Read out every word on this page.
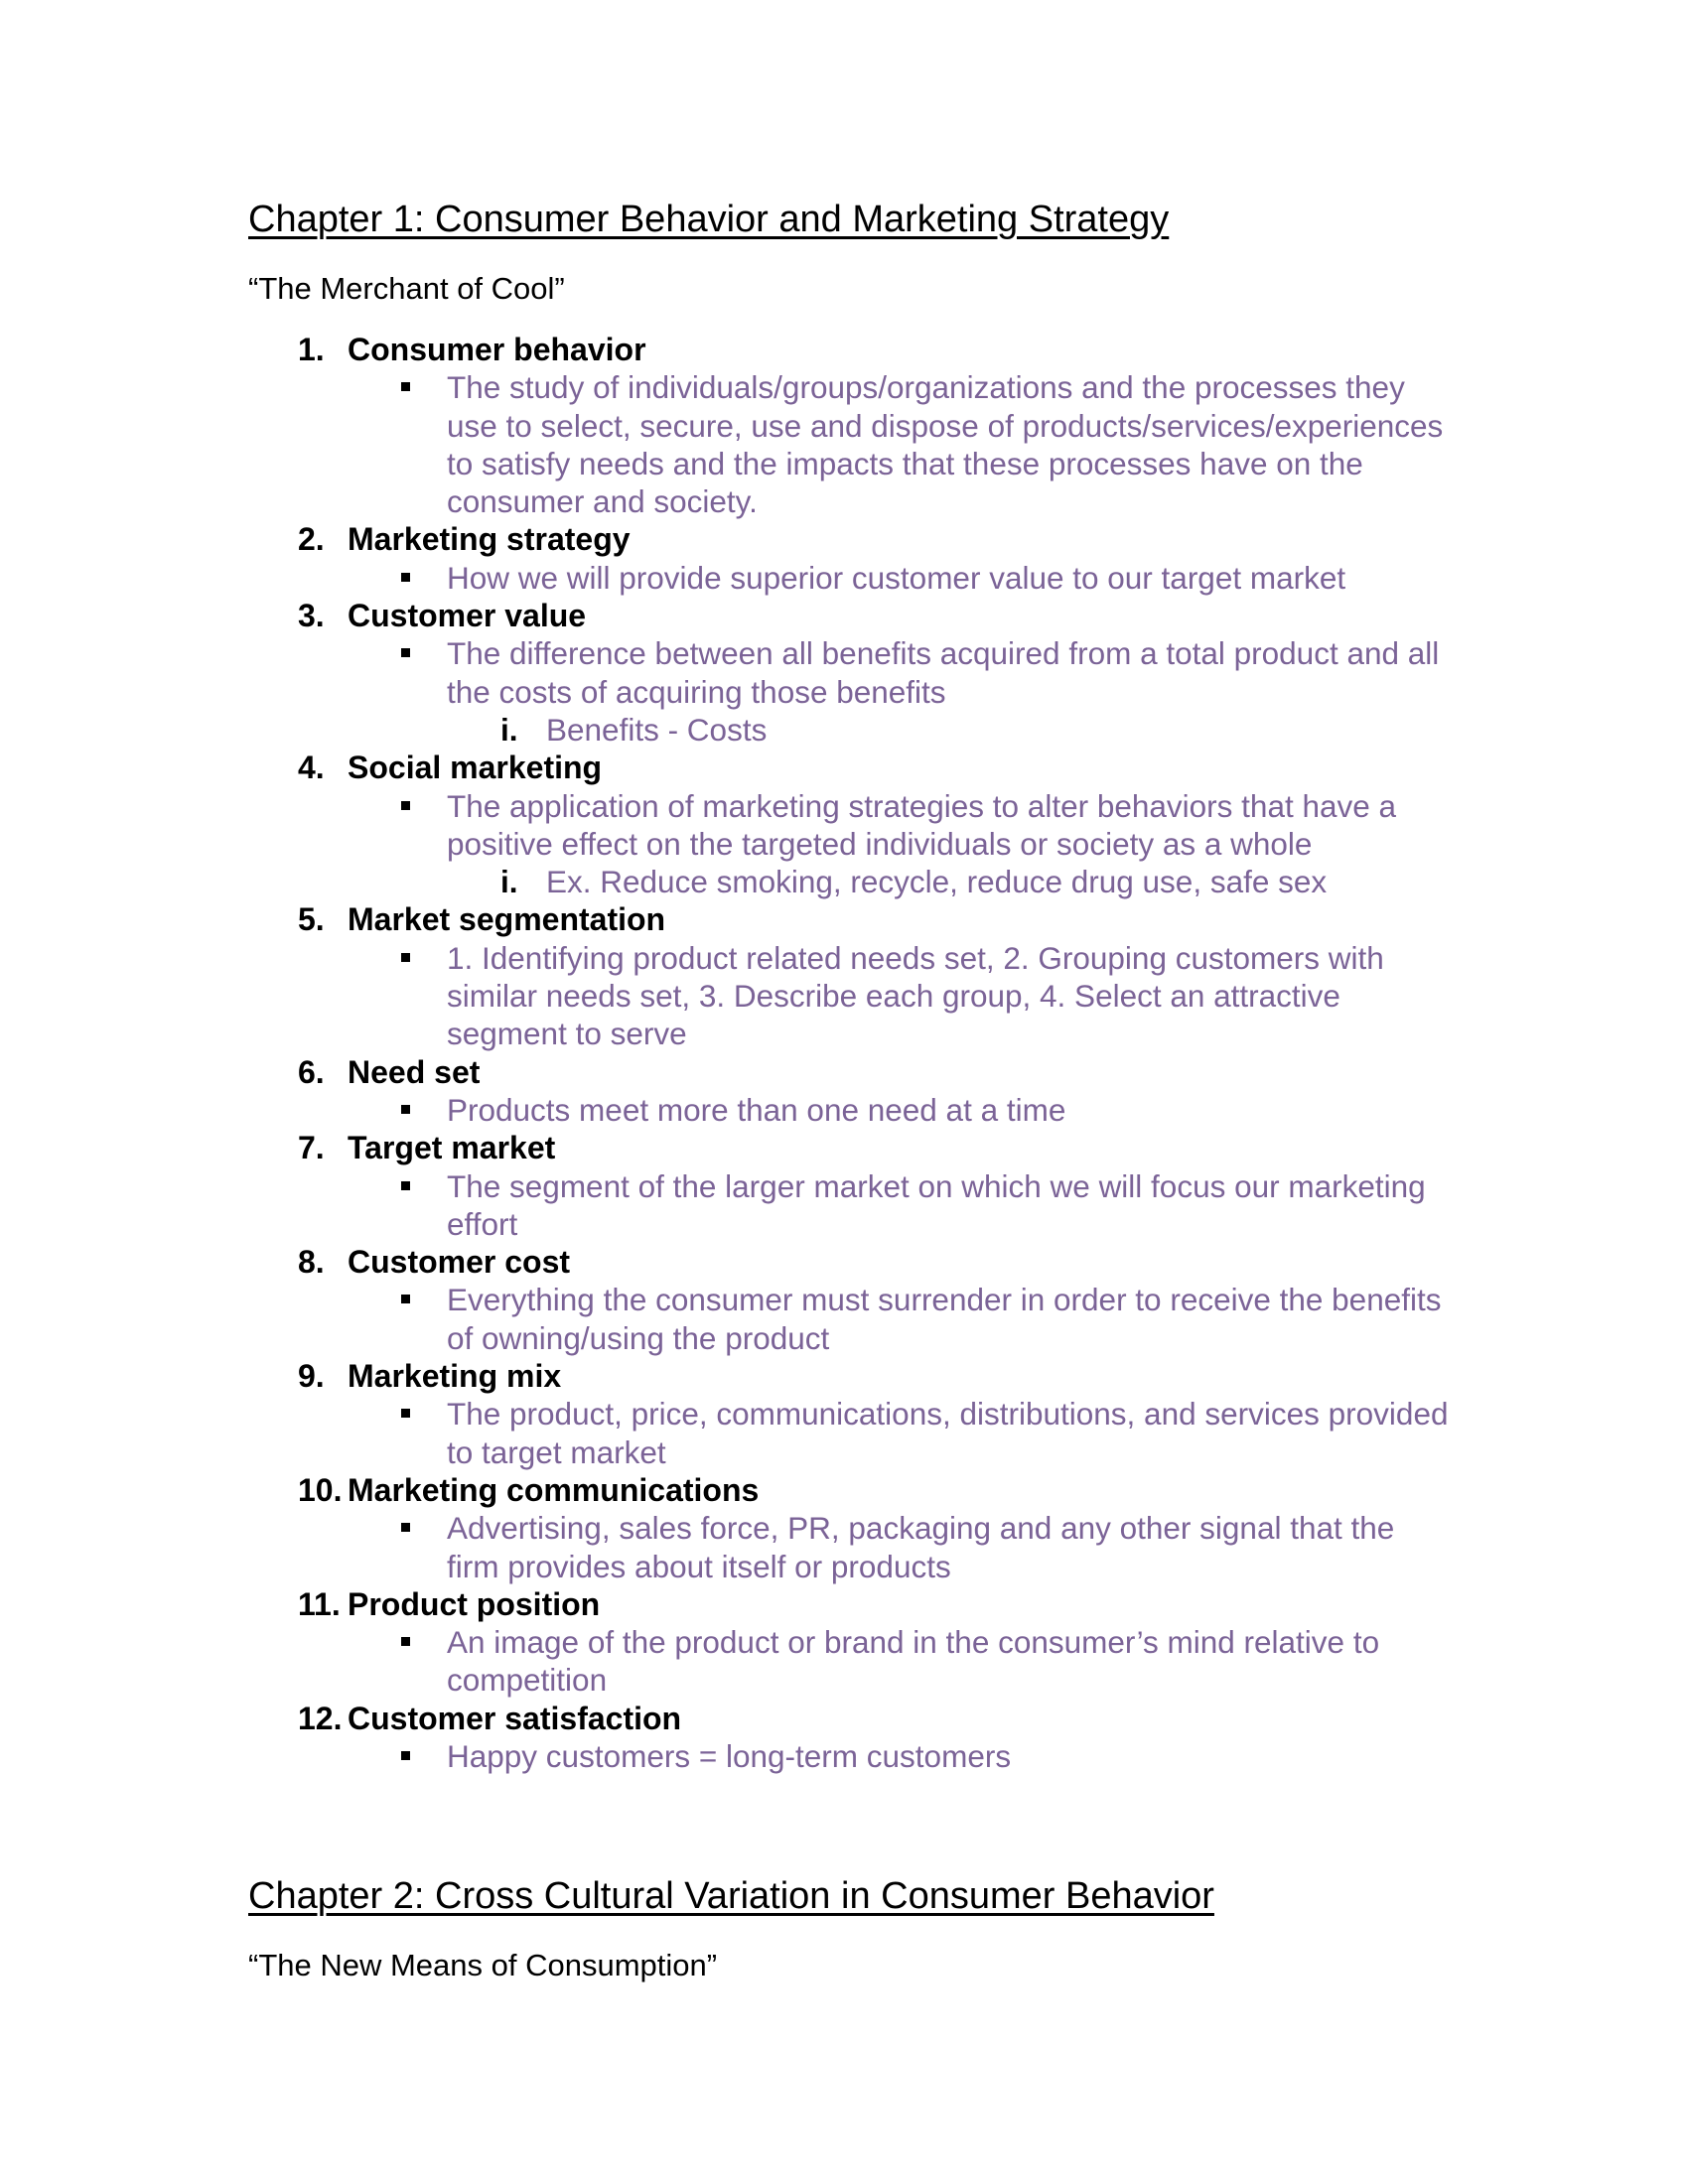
Chapter 1: Consumer Behavior and Marketing Strategy
“The Merchant of Cool”
1. Consumer behavior
The study of individuals/groups/organizations and the processes they use to select, secure, use and dispose of products/services/experiences to satisfy needs and the impacts that these processes have on the consumer and society.
2. Marketing strategy
How we will provide superior customer value to our target market
3. Customer value
The difference between all benefits acquired from a total product and all the costs of acquiring those benefits
i. Benefits - Costs
4. Social marketing
The application of marketing strategies to alter behaviors that have a positive effect on the targeted individuals or society as a whole
i. Ex. Reduce smoking, recycle, reduce drug use, safe sex
5. Market segmentation
1. Identifying product related needs set, 2. Grouping customers with similar needs set, 3. Describe each group, 4. Select an attractive segment to serve
6. Need set
Products meet more than one need at a time
7. Target market
The segment of the larger market on which we will focus our marketing effort
8. Customer cost
Everything the consumer must surrender in order to receive the benefits of owning/using the product
9. Marketing mix
The product, price, communications, distributions, and services provided to target market
10. Marketing communications
Advertising, sales force, PR, packaging and any other signal that the firm provides about itself or products
11. Product position
An image of the product or brand in the consumer’s mind relative to competition
12. Customer satisfaction
Happy customers = long-term customers
Chapter 2: Cross Cultural Variation in Consumer Behavior
“The New Means of Consumption”
